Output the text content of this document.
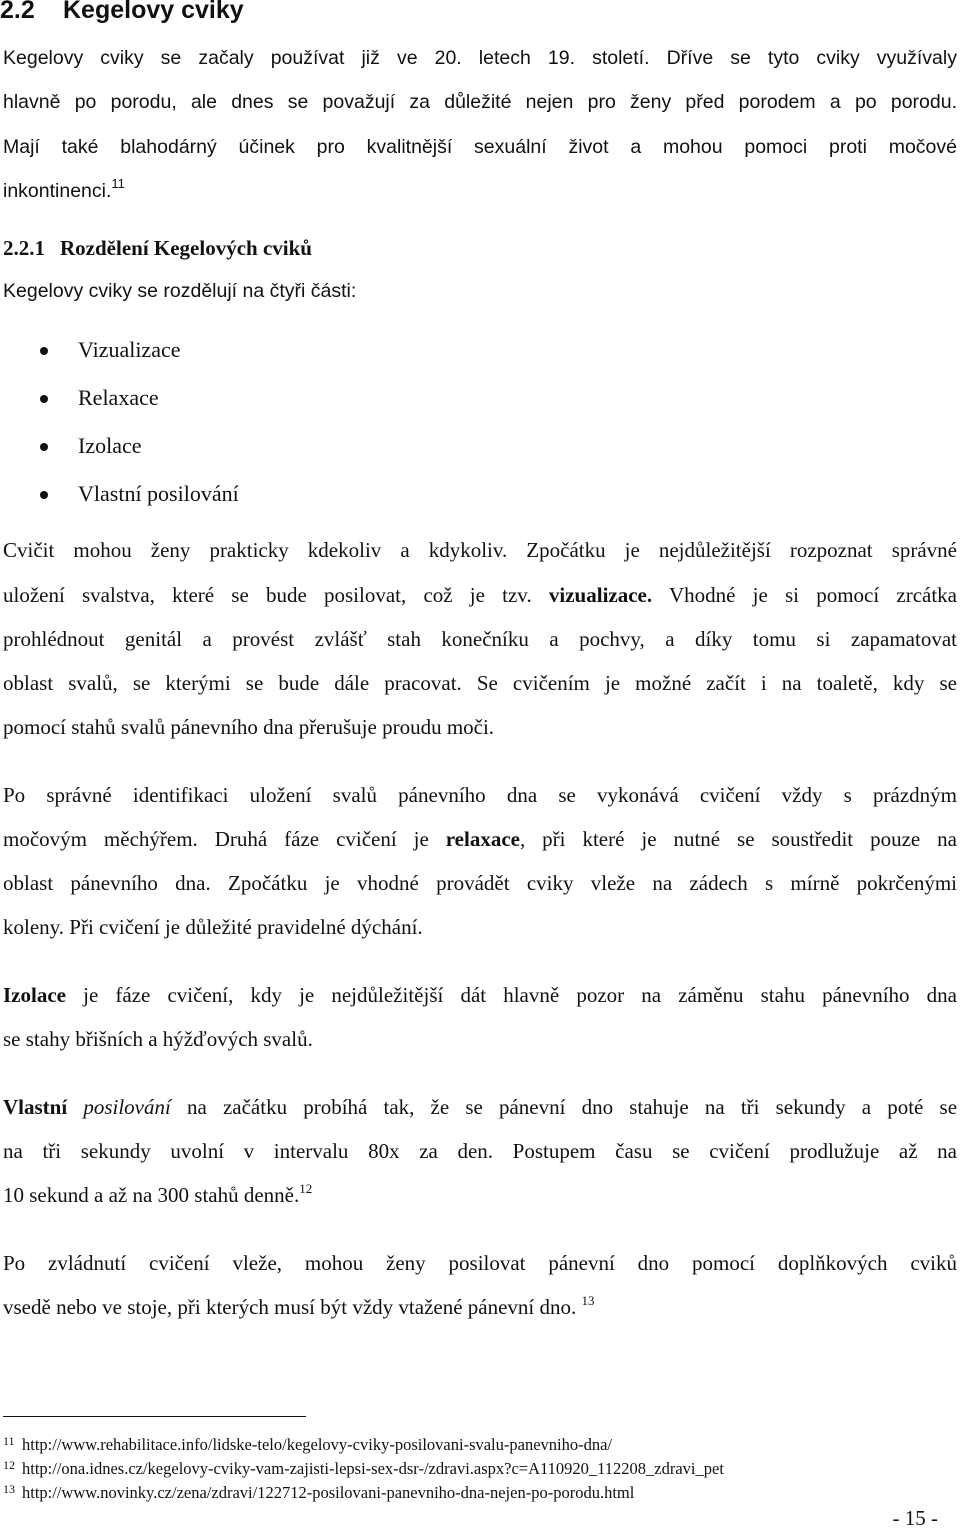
2.2 Kegelovy cviky
Kegelovy cviky se začaly používat již ve 20. letech 19. století. Dříve se tyto cviky využívaly
hlavně po porodu, ale dnes se považují za důležité nejen pro ženy před porodem a po porodu.
Mají také blahodárný účinek pro kvalitnější sexuální život a mohou pomoci proti močové
inkontinenci.$^{11}$
2.2.1 Rozdělení Kegelových cviků
Kegelovy cviky se rozdělují na čtyři části:
Vizualizace
Relaxace
Izolace
Vlastní posilování
Cvičit mohou ženy prakticky kdekoliv a kdykoliv. Zpočátku je nejdůležitější rozpoznat správné
uložení svalstva, které se bude posilovat, což je tzv. vizualizace. Vhodné je si pomocí zrcátka
prohlédnout genitál a provést zvlášť stah konečníku a pochvy, a díky tomu si zapamatovat
oblast svalů, se kterými se bude dále pracovat. Se cvičením je možné začít i na toaletě, kdy se
pomocí stahů svalů pánevního dna přerušuje proudu moči.
Po správné identifikaci uložení svalů pánevního dna se vykonává cvičení vždy s prázdným
močovým měchýřem. Druhá fáze cvičení je relaxace, při které je nutné se soustředit pouze na
oblast pánevního dna. Zpočátku je vhodné provádět cviky vleže na zádech s mírně pokrčenými
koleny. Při cvičení je důležité pravidelné dýchání.
Izolace je fáze cvičení, kdy je nejdůležitější dát hlavně pozor na záměnu stahu pánevního dna
se stahy břišních a hýžďových svalů.
Vlastní posilování na začátku probíhá tak, že se pánevní dno stahuje na tři sekundy a poté se
na tři sekundy uvolní v intervalu 80x za den. Postupem času se cvičení prodlužuje až na
10 sekund a až na 300 stahů denně.$^{12}$
Po zvládnutí cvičení vleže, mohou ženy posilovat pánevní dno pomocí doplňkových cviků
vsedě nebo ve stoje, při kterých musí být vždy vtažené pánevní dno. $^{13}$
11 http://www.rehabilitace.info/lidske-telo/kegelovy-cviky-posilovani-svalu-panevniho-dna/
12 http://ona.idnes.cz/kegelovy-cviky-vam-zajisti-lepsi-sex-dsr-/zdravi.aspx?c=A110920_112208_zdravi_pet
13 http://www.novinky.cz/zena/zdravi/122712-posilovani-panevniho-dna-nejen-po-porodu.html
- 15 -
